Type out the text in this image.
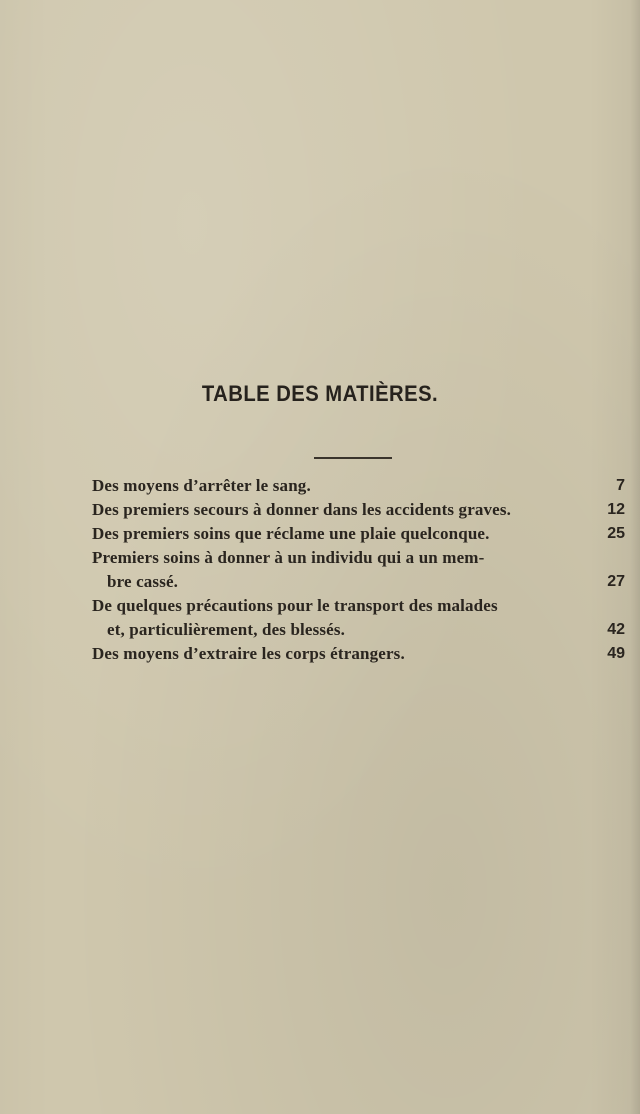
TABLE DES MATIÈRES.
Des moyens d’arrêter le sang.	7
Des premiers secours à donner dans les accidents graves.	12
Des premiers soins que réclame une plaie quelconque.	25
Premiers soins à donner à un individu qui a un mem-
bre cassé.	27
De quelques précautions pour le transport des malades
et, particulièrement, des blessés.	42
Des moyens d’extraire les corps étrangers.	49
